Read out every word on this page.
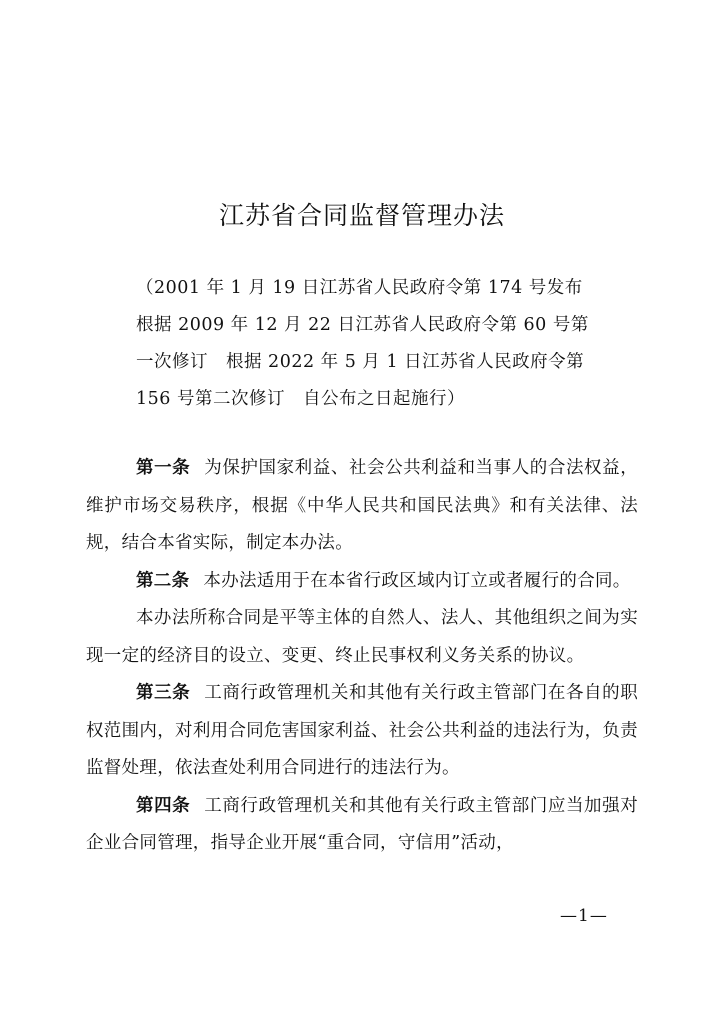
江苏省合同监督管理办法
（2001 年 1 月 19 日江苏省人民政府令第 174 号发布
根据 2009 年 12 月 22 日江苏省人民政府令第 60 号第
一次修订　根据 2022 年 5 月 1 日江苏省人民政府令第
156 号第二次修订　自公布之日起施行）

第一条 为保护国家利益、社会公共利益和当事人的合法权益，维护市场交易秩序，根据《中华人民共和国民法典》和有关法律、法规，结合本省实际，制定本办法。

第二条 本办法适用于在本省行政区域内订立或者履行的合同。

本办法所称合同是平等主体的自然人、法人、其他组织之间为实现一定的经济目的设立、变更、终止民事权利义务关系的协议。

第三条 工商行政管理机关和其他有关行政主管部门在各自的职权范围内，对利用合同危害国家利益、社会公共利益的违法行为，负责监督处理，依法查处利用合同进行的违法行为。

第四条 工商行政管理机关和其他有关行政主管部门应当加强对企业合同管理，指导企业开展“重合同，守信用”活动，

—1—
